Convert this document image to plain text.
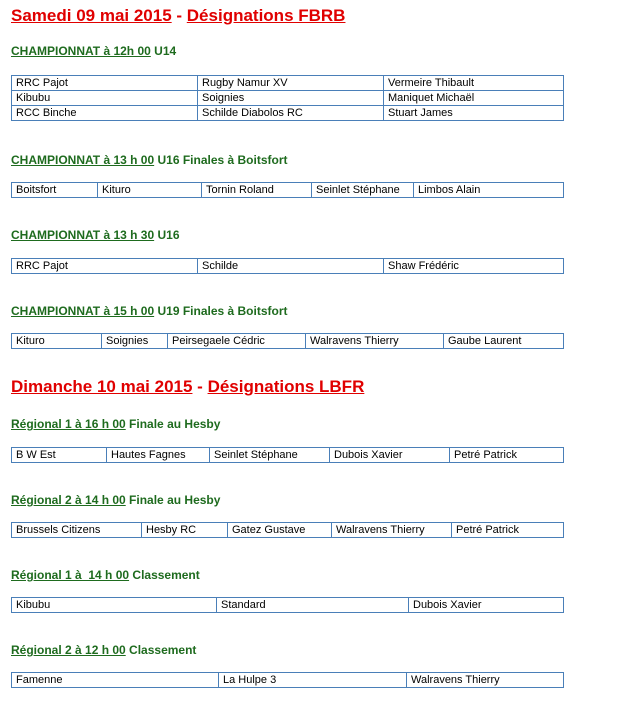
Samedi 09 mai 2015 - Désignations FBRB
CHAMPIONNAT à 12h 00 U14
RRC Pajot	Rugby Namur XV	Vermeire Thibault
Kibubu	Soignies	Maniquet Michaël
RCC Binche	Schilde Diabolos RC	Stuart James
CHAMPIONNAT à 13 h 00 U16 Finales à Boitsfort
Boitsfort	Kituro	Tornin Roland	Seinlet Stéphane	Limbos Alain
CHAMPIONNAT à 13 h 30 U16
RRC Pajot	Schilde	Shaw Frédéric
CHAMPIONNAT à 15 h 00 U19 Finales à Boitsfort
Kituro	Soignies	Peirsegaele Cédric	Walravens Thierry	Gaube Laurent
Dimanche 10 mai 2015 - Désignations LBFR
Régional 1 à 16 h 00 Finale au Hesby
B W Est	Hautes Fagnes	Seinlet Stéphane	Dubois Xavier	Petré Patrick
Régional 2 à 14 h 00 Finale au Hesby
Brussels Citizens	Hesby RC	Gatez Gustave	Walravens Thierry	Petré Patrick
Régional 1 à  14 h 00 Classement
Kibubu	Standard	Dubois Xavier
Régional 2 à 12 h 00 Classement
Famenne	La Hulpe 3	Walravens Thierry
